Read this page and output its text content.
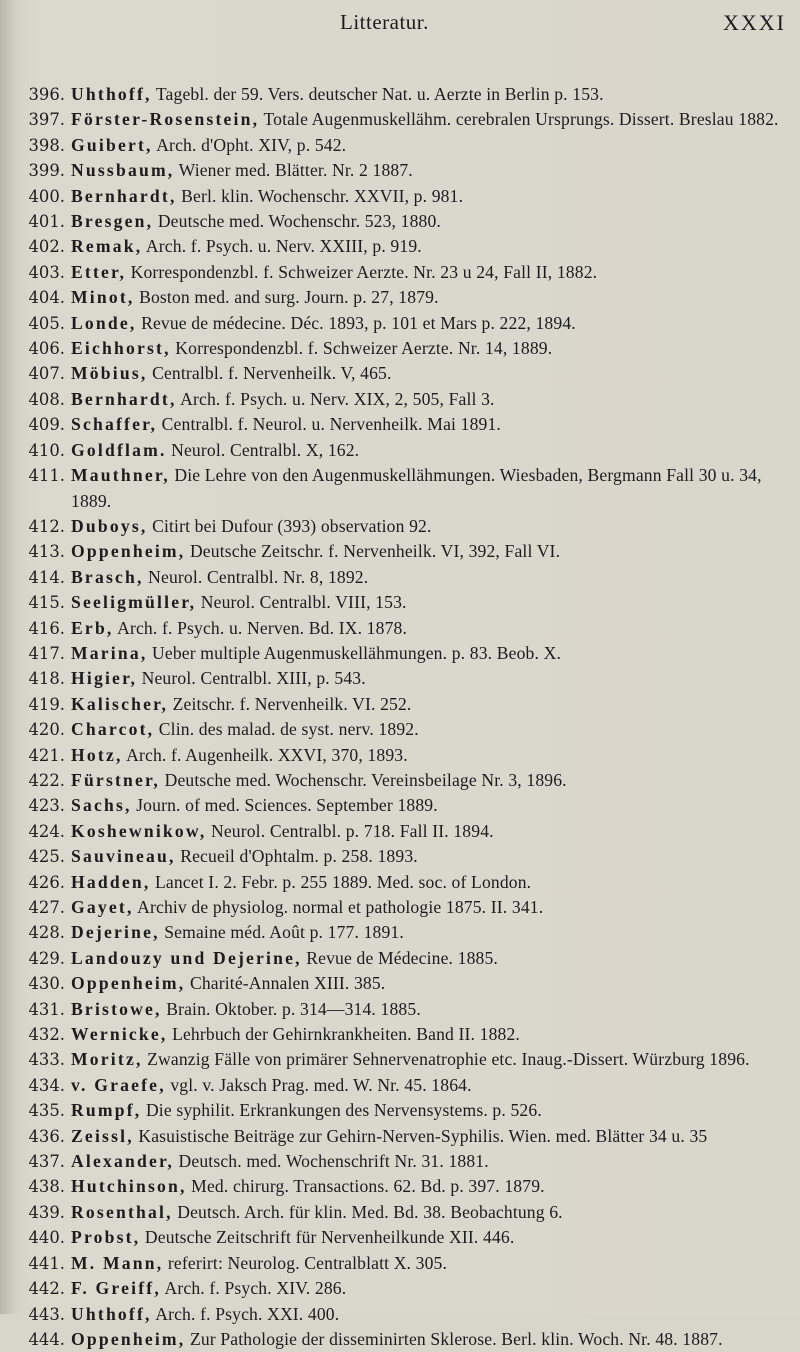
Litteratur.	XXXI
396. Uhthoff, Tagebl. der 59. Vers. deutscher Nat. u. Aerzte in Berlin p. 153.
397. Förster-Rosenstein, Totale Augenmuskellähm. cerebralen Ursprungs. Dissert. Breslau 1882.
398. Guibert, Arch. d'Opht. XIV, p. 542.
399. Nussbaum, Wiener med. Blätter. Nr. 2 1887.
400. Bernhardt, Berl. klin. Wochenschr. XXVII, p. 981.
401. Bresgen, Deutsche med. Wochenschr. 523, 1880.
402. Remak, Arch. f. Psych. u. Nerv. XXIII, p. 919.
403. Etter, Korrespondenzbl. f. Schweizer Aerzte. Nr. 23 u 24, Fall II, 1882.
404. Minot, Boston med. and surg. Journ. p. 27, 1879.
405. Londe, Revue de médecine. Déc. 1893, p. 101 et Mars p. 222, 1894.
406. Eichhorst, Korrespondenzbl. f. Schweizer Aerzte. Nr. 14, 1889.
407. Möbius, Centralbl. f. Nervenheilk. V, 465.
408. Bernhardt, Arch. f. Psych. u. Nerv. XIX, 2, 505, Fall 3.
409. Schaffer, Centralbl. f. Neurol. u. Nervenheilk. Mai 1891.
410. Goldflam. Neurol. Centralbl. X, 162.
411. Mauthner, Die Lehre von den Augenmuskellähmungen. Wiesbaden, Bergmann Fall 30 u. 34, 1889.
412. Duboys, Citirt bei Dufour (393) observation 92.
413. Oppenheim, Deutsche Zeitschr. f. Nervenheilk. VI, 392, Fall VI.
414. Brasch, Neurol. Centralbl. Nr. 8, 1892.
415. Seeligmüller, Neurol. Centralbl. VIII, 153.
416. Erb, Arch. f. Psych. u. Nerven. Bd. IX. 1878.
417. Marina, Ueber multiple Augenmuskellähmungen. p. 83. Beob. X.
418. Higier, Neurol. Centralbl. XIII, p. 543.
419. Kalischer, Zeitschr. f. Nervenheilk. VI. 252.
420. Charcot, Clin. des malad. de syst. nerv. 1892.
421. Hotz, Arch. f. Augenheilk. XXVI, 370, 1893.
422. Fürstner, Deutsche med. Wochenschr. Vereinsbeilage Nr. 3, 1896.
423. Sachs, Journ. of med. Sciences. September 1889.
424. Koshewnikow, Neurol. Centralbl. p. 718. Fall II. 1894.
425. Sauvineau, Recueil d'Ophtalm. p. 258. 1893.
426. Hadden, Lancet I. 2. Febr. p. 255 1889. Med. soc. of London.
427. Gayet, Archiv de physiolog. normal et pathologie 1875. II. 341.
428. Dejerine, Semaine méd. Août p. 177. 1891.
429. Landouzy und Dejerine, Revue de Médecine. 1885.
430. Oppenheim, Charité-Annalen XIII. 385.
431. Bristowe, Brain. Oktober. p. 314—314. 1885.
432. Wernicke, Lehrbuch der Gehirnkrankheiten. Band II. 1882.
433. Moritz, Zwanzig Fälle von primärer Sehnervenatrophie etc. Inaug.-Dissert. Würzburg 1896.
434. v. Graefe, vgl. v. Jaksch Prag. med. W. Nr. 45. 1864.
435. Rumpf, Die syphilit. Erkrankungen des Nervensystems. p. 526.
436. Zeissl, Kasuistische Beiträge zur Gehirn-Nerven-Syphilis. Wien. med. Blätter 34 u. 35
437. Alexander, Deutsch. med. Wochenschrift Nr. 31. 1881.
438. Hutchinson, Med. chirurg. Transactions. 62. Bd. p. 397. 1879.
439. Rosenthal, Deutsch. Arch. für klin. Med. Bd. 38. Beobachtung 6.
440. Probst, Deutsche Zeitschrift für Nervenheilkunde XII. 446.
441. M. Mann, referirt: Neurolog. Centralblatt X. 305.
442. F. Greiff, Arch. f. Psych. XIV. 286.
443. Uhthoff, Arch. f. Psych. XXI. 400.
444. Oppenheim, Zur Pathologie der disseminirten Sklerose. Berl. klin. Woch. Nr. 48. 1887.
